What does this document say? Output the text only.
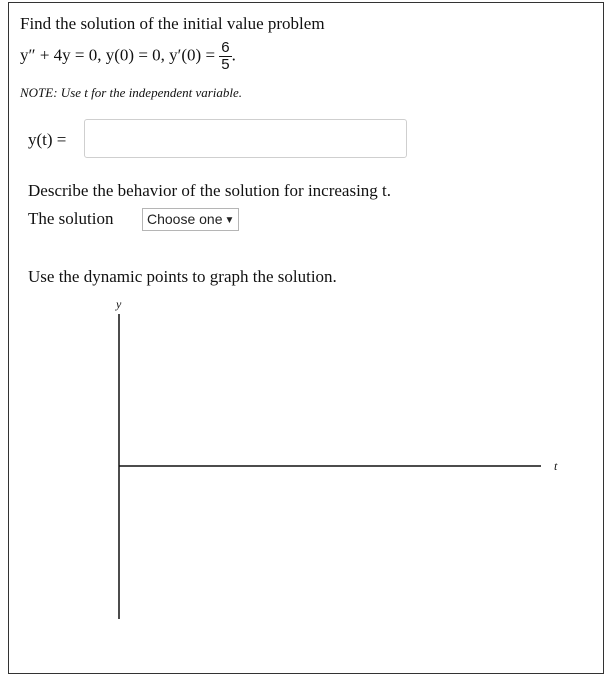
Find the solution of the initial value problem
y″ + 4y = 0, y(0) = 0, $y'(0) = \frac{6}{5}$ .
NOTE: Use t for the independent variable.
y(t) =
Describe the behavior of the solution for increasing t.
The solution	Choose one ▼
Use the dynamic points to graph the solution.
y
t
